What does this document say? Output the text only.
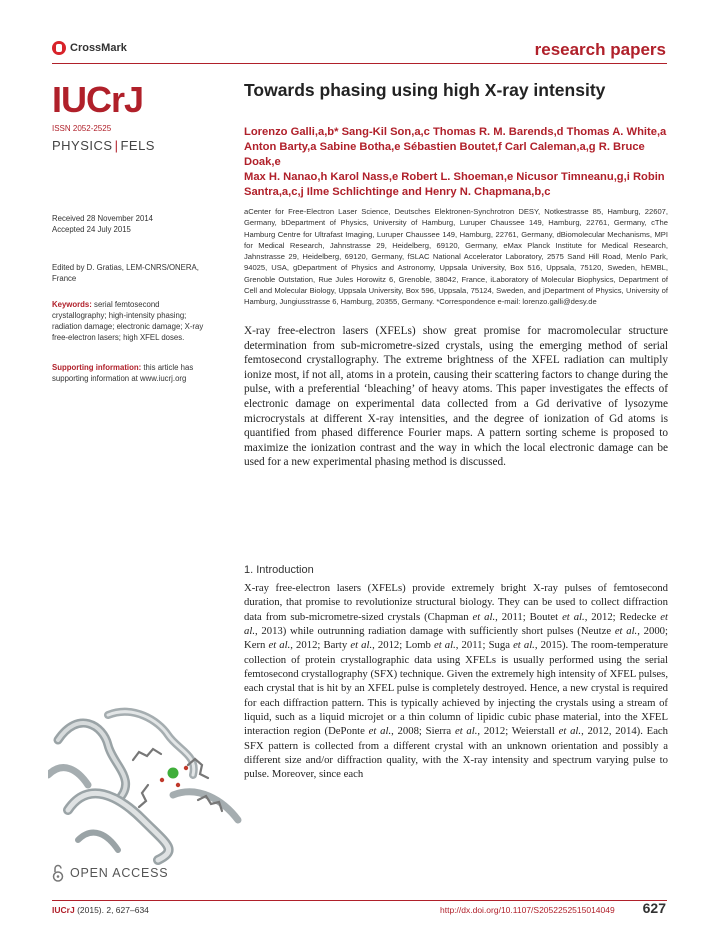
CrossMark	research papers
IUCrJ
ISSN 2052-2525
PHYSICS | FELS
Towards phasing using high X-ray intensity
Lorenzo Galli,a,b* Sang-Kil Son,a,c Thomas R. M. Barends,d Thomas A. White,a
Anton Barty,a Sabine Botha,e Sébastien Boutet,f Carl Caleman,a,g R. Bruce Doak,e
Max H. Nanao,h Karol Nass,e Robert L. Shoeman,e Nicusor Timneanu,g,i Robin
Santra,a,c,j Ilme Schlichtinge and Henry N. Chapmana,b,c
aCenter for Free-Electron Laser Science, Deutsches Elektronen-Synchrotron DESY, Notkestrasse 85, Hamburg, 22607, Germany, bDepartment of Physics, University of Hamburg, Luruper Chaussee 149, Hamburg, 22761, Germany, cThe Hamburg Centre for Ultrafast Imaging, Luruper Chaussee 149, Hamburg, 22761, Germany, dBiomolecular Mechanisms, MPI for Medical Research, Jahnstrasse 29, Heidelberg, 69120, Germany, eMax Planck Institute for Medical Research, Jahnstrasse 29, Heidelberg, 69120, Germany, fSLAC National Accelerator Laboratory, 2575 Sand Hill Road, Menlo Park, 94025, USA, gDepartment of Physics and Astronomy, Uppsala University, Box 516, Uppsala, 75120, Sweden, hEMBL, Grenoble Outstation, Rue Jules Horowitz 6, Grenoble, 38042, France, iLaboratory of Molecular Biophysics, Department of Cell and Molecular Biology, Uppsala University, Box 596, Uppsala, 75124, Sweden, and jDepartment of Physics, University of Hamburg, Jungiusstrasse 6, Hamburg, 20355, Germany. *Correspondence e-mail: lorenzo.galli@desy.de
Received 28 November 2014
Accepted 24 July 2015
Edited by D. Gratias, LEM-CNRS/ONERA, France
Keywords: serial femtosecond crystallography; high-intensity phasing; radiation damage; electronic damage; X-ray free-electron lasers; high XFEL doses.
Supporting information: this article has supporting information at www.iucrj.org
X-ray free-electron lasers (XFELs) show great promise for macromolecular structure determination from sub-micrometre-sized crystals, using the emerging method of serial femtosecond crystallography. The extreme brightness of the XFEL radiation can multiply ionize most, if not all, atoms in a protein, causing their scattering factors to change during the pulse, with a preferential ‘bleaching’ of heavy atoms. This paper investigates the effects of electronic damage on experimental data collected from a Gd derivative of lysozyme microcrystals at different X-ray intensities, and the degree of ionization of Gd atoms is quantified from phased difference Fourier maps. A pattern sorting scheme is proposed to maximize the ionization contrast and the way in which the local electronic damage can be used for a new experimental phasing method is discussed.
1. Introduction
X-ray free-electron lasers (XFELs) provide extremely bright X-ray pulses of femtosecond duration, that promise to revolutionize structural biology. They can be used to collect diffraction data from sub-micrometre-sized crystals (Chapman et al., 2011; Boutet et al., 2012; Redecke et al., 2013) while outrunning radiation damage with sufficiently short pulses (Neutze et al., 2000; Kern et al., 2012; Barty et al., 2012; Lomb et al., 2011; Suga et al., 2015). The room-temperature collection of protein crystallographic data using XFELs is usually performed using the serial femtosecond crystallography (SFX) technique. Given the extremely high intensity of XFEL pulses, each crystal that is hit by an XFEL pulse is completely destroyed. Hence, a new crystal is required for each diffraction pattern. This is typically achieved by injecting the crystals using a stream of liquid, such as a liquid microjet or a thin column of lipidic cubic phase material, into the XFEL interaction region (DePonte et al., 2008; Sierra et al., 2012; Weierstall et al., 2012, 2014). Each SFX pattern is collected from a different crystal with an unknown orientation and possibly a different size and/or diffraction quality, with the X-ray intensity and spectrum varying pulse to pulse. Moreover, since each
OPEN ACCESS
IUCrJ (2015). 2, 627–634	http://dx.doi.org/10.1107/S2052252515014049 627
